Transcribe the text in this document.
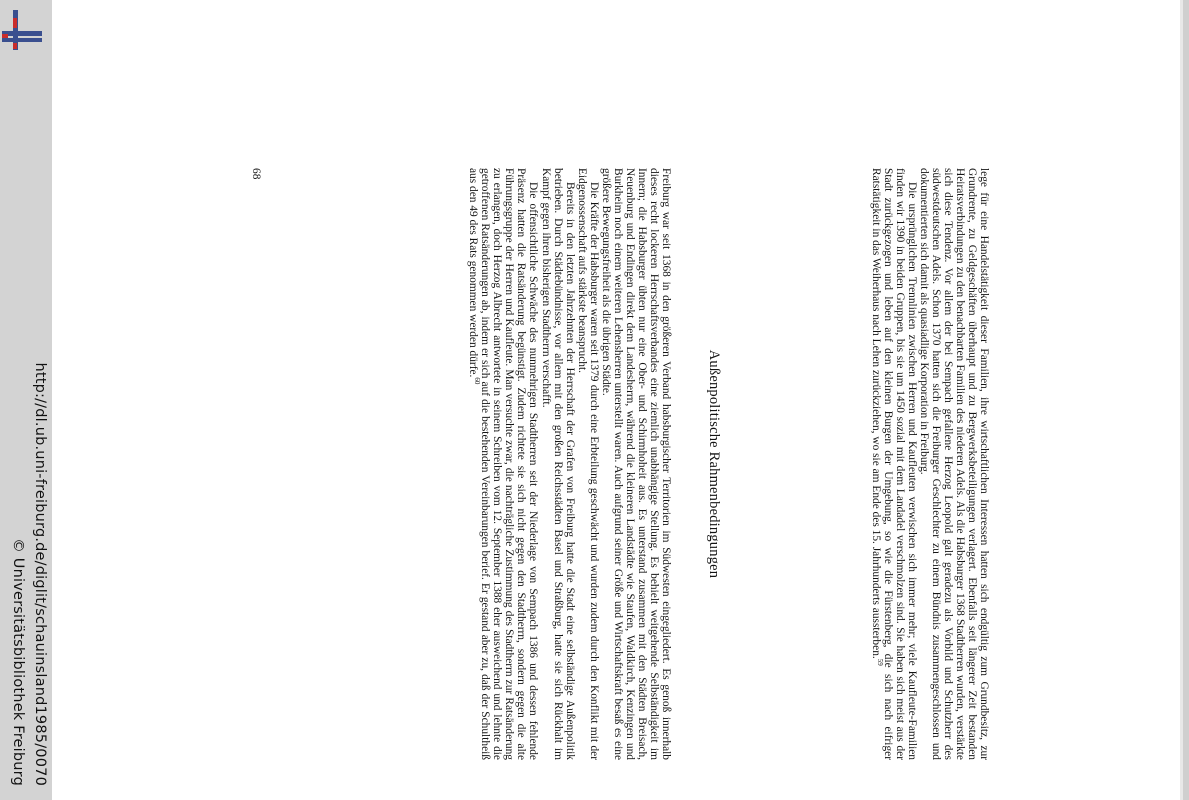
http://dl.ub.uni-freiburg.de/diglit/schauinsland1985/0070
© Universitätsbibliothek Freiburg	lege für eine Handelstätigkeit dieser Familien, ihre wirtschaftlichen Interessen hatten sich endgültig zum Grundbesitz, zur Grundrente, zu Geldgeschäften überhaupt und zu Bergwerksbeteiligungen verlagert. Ebenfalls seit längerer Zeit bestanden Heiratsverbindungen zu den benachbarten Familien des niederen Adels. Als die Habsburger 1368 Stadtherren wurden, verstärkte sich diese Tendenz. Vor allem der bei Sempach gefallene Herzog Leopold galt geradezu als Vorbild und Schutzherr des südwestdeutschen Adels. Schon 1370 hatten sich die Freiburger Geschlechter zu einem Bündnis zusammengeschlossen und dokumentierten sich damit als quasiadlige Korporation in Freiburg.

Die ursprünglichen Trennlinien zwischen Herren und Kaufleuten verwischen sich immer mehr; viele Kaufleute-Familien finden wir 1390 in beiden Gruppen, bis sie um 1450 sozial mit dem Landadel verschmolzen sind. Sie haben sich meist aus der Stadt zurückgezogen und leben auf den kleinen Burgen der Umgebung, so wie die Fürstenberg, die sich nach eifriger Ratstätigkeit in das Weiherhaus nach Lehen zurückziehen, wo sie am Ende des 15. Jahrhunderts aussterben.$^{59}$

Außenpolitische Rahmenbedingungen

Freiburg war seit 1368 in den größeren Verband habsburgischer Territorien im Südwesten eingegliedert. Es genoß innerhalb dieses recht lockeren Herrschaftsverbandes eine ziemlich unabhängige Stellung. Es behielt weitgehende Selbständigkeit im Innern; die Habsburger übten nur eine Ober- und Schirmhoheit aus. Es unterstand zusammen mit den Städten Breisach, Neuenburg und Endingen direkt dem Landesherrn, während die kleineren Landstädte wie Staufen, Waldkirch, Kenzingen und Burkheim noch einem weiteren Lehensherren unterstellt waren. Auch aufgrund seiner Größe und Wirtschaftskraft besaß es eine größere Bewegungsfreiheit als die übrigen Städte.

Die Kräfte der Habsburger waren seit 1379 durch eine Erbteilung geschwächt und wurden zudem durch den Konflikt mit der Eidgenossenschaft aufs stärkste beansprucht.

Bereits in den letzten Jahrzehnten der Herrschaft der Grafen von Freiburg hatte die Stadt eine selbständige Außenpolitik betrieben. Durch Städtebündnisse, vor allem mit den großen Reichsstädten Basel und Straßburg, hatte sie sich Rückhalt im Kampf gegen ihren bisherigen Stadtherrn verschafft.

Die offensichtliche Schwäche des nunmehrigen Stadtherren seit der Niederlage von Sempach 1386 und dessen fehlende Präsenz hatten die Ratsänderung begünstigt. Zudem richtete sie sich nicht gegen den Stadtherrn, sondern gegen die alte Führungsgruppe der Herren und Kaufleute. Man versuchte zwar, die nachträgliche Zustimmung des Stadtherrn zur Ratsänderung zu erlangen, doch Herzog Albrecht antwortete in seinem Schreiben vom 12. September 1388 eher ausweichend und lehnte die getroffenen Ratsänderungen ab, indem er sich auf die bestehenden Vereinbarungen berief. Er gestand aber zu, daß der Schultheiß aus den 49 des Rats genommen werden dürfe.$^{60}$

68
